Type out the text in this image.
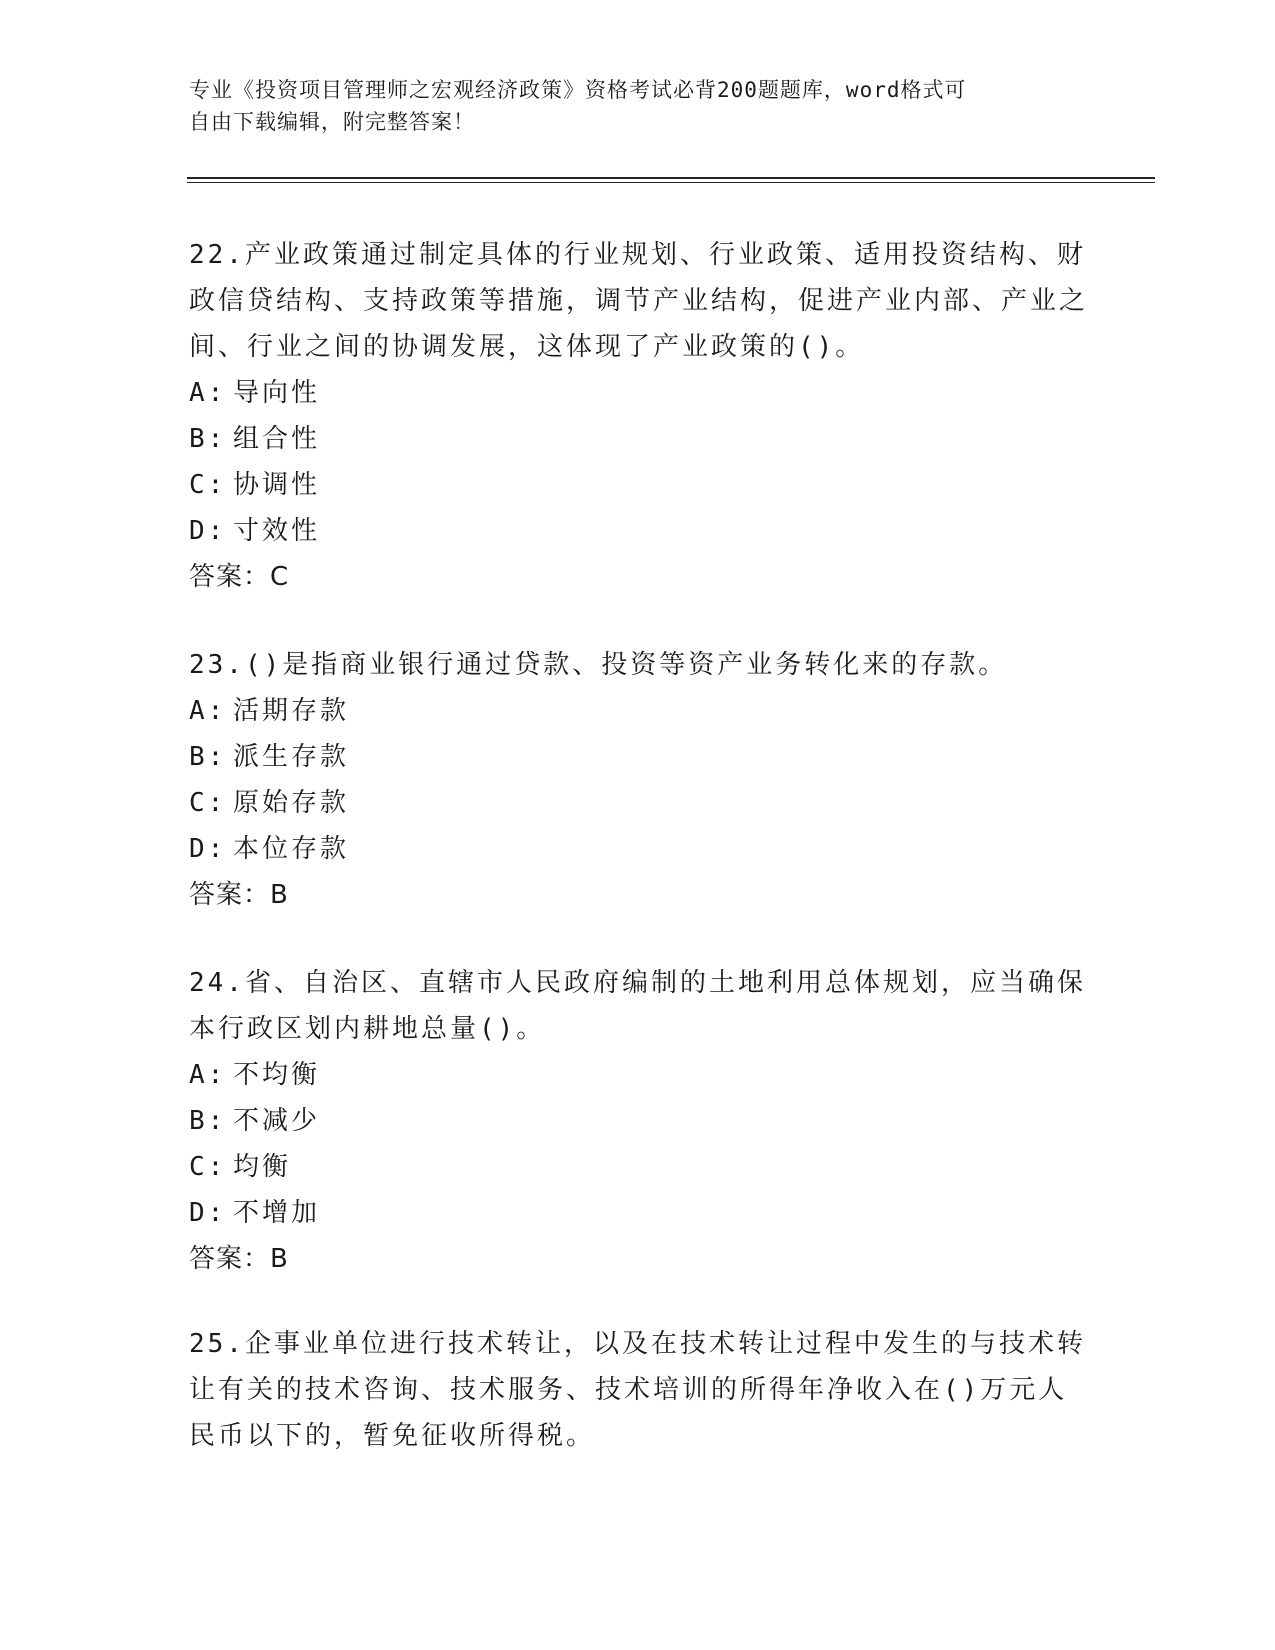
专业《投资项目管理师之宏观经济政策》资格考试必背200题题库，word格式可
自由下载编辑，附完整答案！

22.产业政策通过制定具体的行业规划、行业政策、适用投资结构、财政信贷结构、支持政策等措施，调节产业结构，促进产业内部、产业之间、行业之间的协调发展，这体现了产业政策的()。

A: 导向性

B: 组合性

C: 协调性

D: 寸效性

答案：C

23.()是指商业银行通过贷款、投资等资产业务转化来的存款。

A: 活期存款

B: 派生存款

C: 原始存款

D: 本位存款

答案：B

24.省、自治区、直辖市人民政府编制的土地利用总体规划，应当确保本行政区划内耕地总量()。

A: 不均衡

B: 不减少

C: 均衡

D: 不增加

答案：B

25.企事业单位进行技术转让，以及在技术转让过程中发生的与技术转让有关的技术咨询、技术服务、技术培训的所得年净收入在()万元人民币以下的，暂免征收所得税。
